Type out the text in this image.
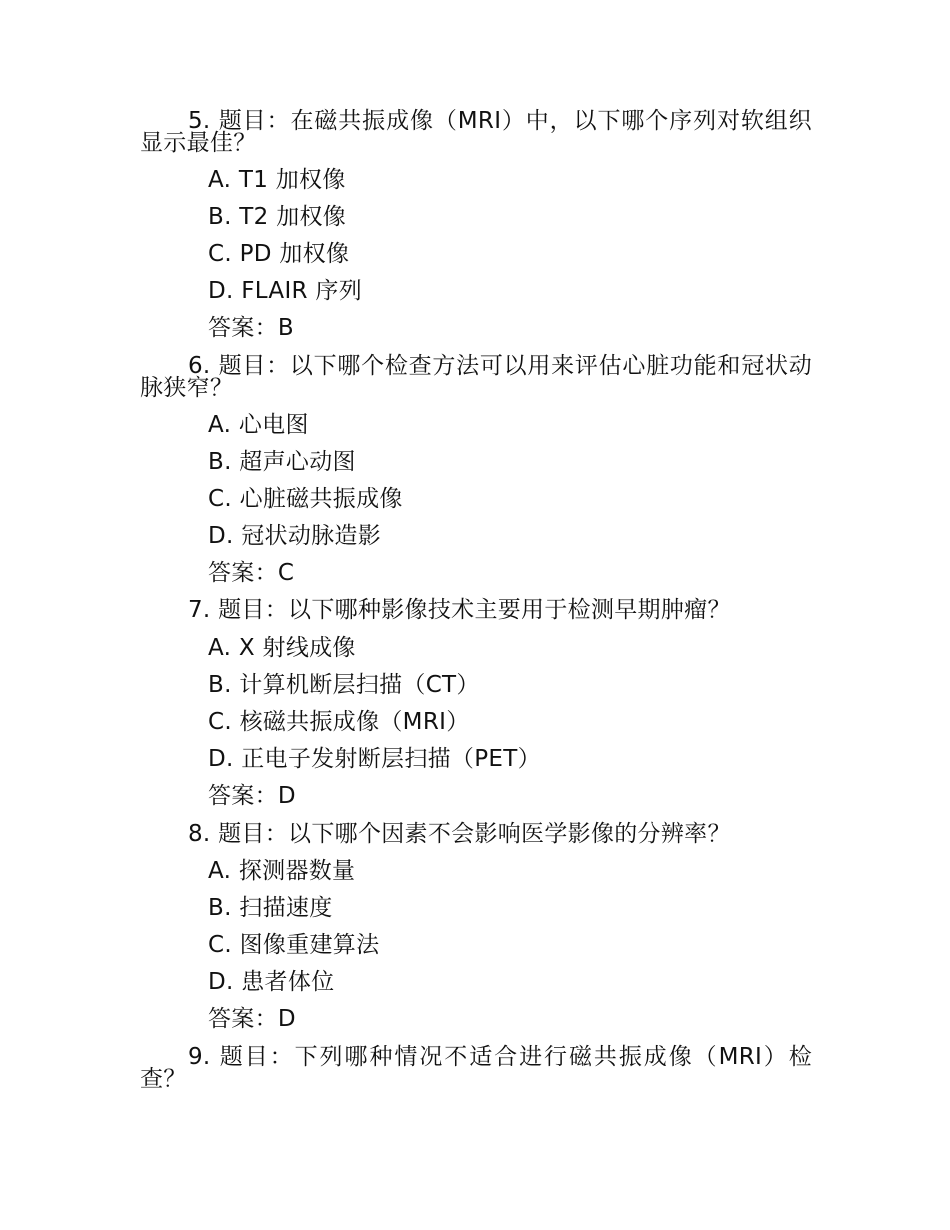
5. 题目：在磁共振成像（MRI）中，以下哪个序列对软组织显示最佳？
A. T1 加权像
B. T2 加权像
C. PD 加权像
D. FLAIR 序列
答案：B
6. 题目：以下哪个检查方法可以用来评估心脏功能和冠状动脉狭窄？
A. 心电图
B. 超声心动图
C. 心脏磁共振成像
D. 冠状动脉造影
答案：C
7. 题目：以下哪种影像技术主要用于检测早期肿瘤？
A. X 射线成像
B. 计算机断层扫描（CT）
C. 核磁共振成像（MRI）
D. 正电子发射断层扫描（PET）
答案：D
8. 题目：以下哪个因素不会影响医学影像的分辨率？
A. 探测器数量
B. 扫描速度
C. 图像重建算法
D. 患者体位
答案：D
9. 题目：下列哪种情况不适合进行磁共振成像（MRI）检查？
